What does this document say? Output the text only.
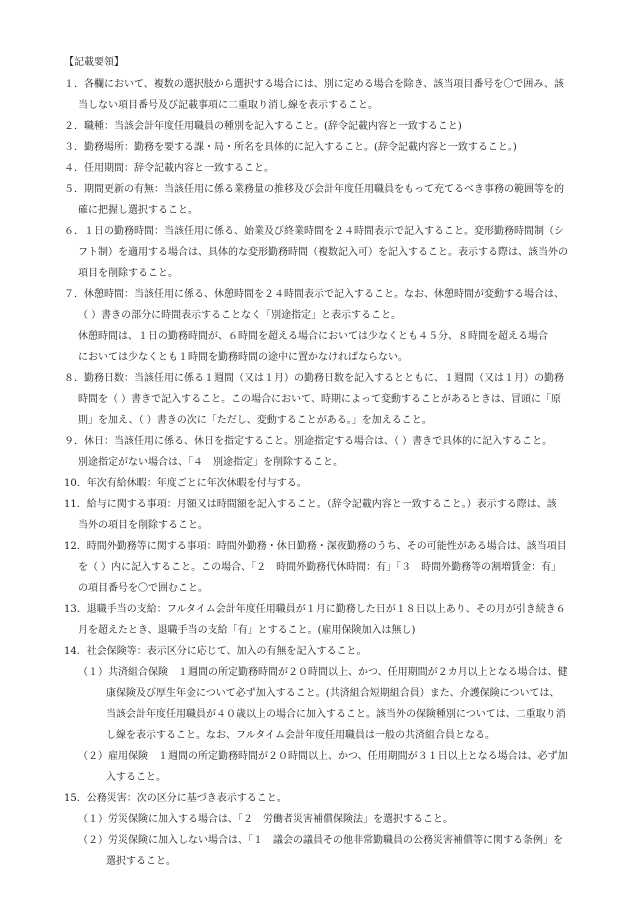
【記載要領】
１．各欄において、複数の選択肢から選択する場合には、別に定める場合を除き、該当項目番号を〇で囲み、該
当しない項目番号及び記載事項に二重取り消し線を表示すること。
２．職種：当該会計年度任用職員の種別を記入すること。(辞令記載内容と一致すること)
３．勤務場所：勤務を要する課・局・所名を具体的に記入すること。(辞令記載内容と一致すること。)
４．任用期間：辞令記載内容と一致すること。
５．期間更新の有無：当該任用に係る業務量の推移及び会計年度任用職員をもって充てるべき事務の範囲等を的
確に把握し選択すること。
６．１日の勤務時間：当該任用に係る、始業及び終業時間を２４時間表示で記入すること。変形勤務時間制（シ
フト制）を適用する場合は、具体的な変形勤務時間（複数記入可）を記入すること。表示する際は、該当外の
項目を削除すること。
７．休憩時間：当該任用に係る、休憩時間を２４時間表示で記入すること。なお、休憩時間が変動する場合は、
（ ）書きの部分に時間表示することなく「別途指定」と表示すること。
休憩時間は、１日の勤務時間が、６時間を超える場合においては少なくとも４５分、８時間を超える場合
においては少なくとも１時間を勤務時間の途中に置かなければならない。
８．勤務日数：当該任用に係る１週間（又は１月）の勤務日数を記入するとともに、１週間（又は１月）の勤務
時間を（ ）書きで記入すること。この場合において、時期によって変動することがあるときは、冒頭に「原
則」を加え、（ ）書きの次に「ただし、変動することがある。」を加えること。
９．休日：当該任用に係る、休日を指定すること。別途指定する場合は、（ ）書きで具体的に記入すること。
別途指定がない場合は、「４　別途指定」を削除すること。
10．年次有給休暇：年度ごとに年次休暇を付与する。
11．給与に関する事項：月額又は時間額を記入すること。（辞令記載内容と一致すること。）表示する際は、該
当外の項目を削除すること。
12．時間外勤務等に関する事項：時間外勤務・休日勤務・深夜勤務のうち、その可能性がある場合は、該当項目
を（ ）内に記入すること。この場合、「２　時間外勤務代休時間：有」「３　時間外勤務等の割増賃金：有」
の項目番号を〇で囲むこと。
13．退職手当の支給：フルタイム会計年度任用職員が１月に勤務した日が１８日以上あり、その月が引き続き６
月を超えたとき、退職手当の支給「有」とすること。(雇用保険加入は無し)
14．社会保険等：表示区分に応じて、加入の有無を記入すること。
（１）共済組合保険　１週間の所定勤務時間が２０時間以上、かつ、任用期間が２カ月以上となる場合は、健
康保険及び厚生年金について必ず加入すること。(共済組合短期組合員）また、介護保険については、
当該会計年度任用職員が４０歳以上の場合に加入すること。該当外の保険種別については、二重取り消
し線を表示すること。なお、フルタイム会計年度任用職員は一般の共済組合員となる。
（２）雇用保険　１週間の所定勤務時間が２０時間以上、かつ、任用期間が３１日以上となる場合は、必ず加
入すること。
15．公務災害：次の区分に基づき表示すること。
（１）労災保険に加入する場合は、「２　労働者災害補償保険法」を選択すること。
（２）労災保険に加入しない場合は、「１　議会の議員その他非常勤職員の公務災害補償等に関する条例」を
選択すること。
